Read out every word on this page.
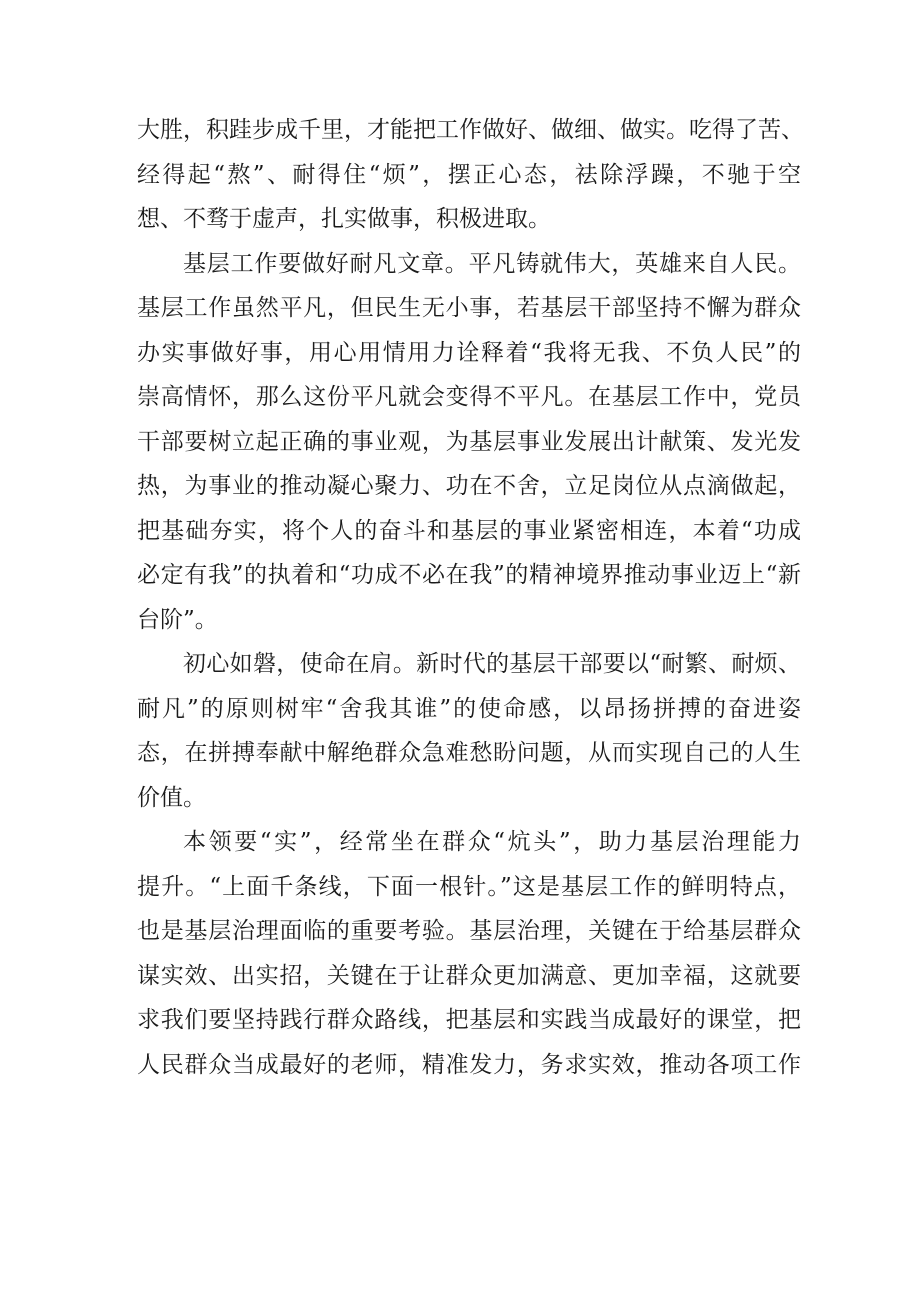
大胜，积跬步成千里，才能把工作做好、做细、做实。吃得了苦、
经得起“熬”、耐得住“烦”，摆正心态，祛除浮躁，不驰于空
想、不骛于虚声，扎实做事，积极进取。
基层工作要做好耐凡文章。平凡铸就伟大，英雄来自人民。
基层工作虽然平凡，但民生无小事，若基层干部坚持不懈为群众
办实事做好事，用心用情用力诠释着“我将无我、不负人民”的
崇高情怀，那么这份平凡就会变得不平凡。在基层工作中，党员
干部要树立起正确的事业观，为基层事业发展出计献策、发光发
热，为事业的推动凝心聚力、功在不舍，立足岗位从点滴做起，
把基础夯实，将个人的奋斗和基层的事业紧密相连，本着“功成
必定有我”的执着和“功成不必在我”的精神境界推动事业迈上“新
台阶”。
初心如磐，使命在肩。新时代的基层干部要以“耐繁、耐烦、
耐凡”的原则树牢“舍我其谁”的使命感，以昂扬拼搏的奋进姿
态，在拼搏奉献中解绝群众急难愁盼问题，从而实现自己的人生
价值。
本领要“实”，经常坐在群众“炕头”，助力基层治理能力
提升。“上面千条线，下面一根针。”这是基层工作的鲜明特点，
也是基层治理面临的重要考验。基层治理，关键在于给基层群众
谋实效、出实招，关键在于让群众更加满意、更加幸福，这就要
求我们要坚持践行群众路线，把基层和实践当成最好的课堂，把
人民群众当成最好的老师，精准发力，务求实效，推动各项工作
